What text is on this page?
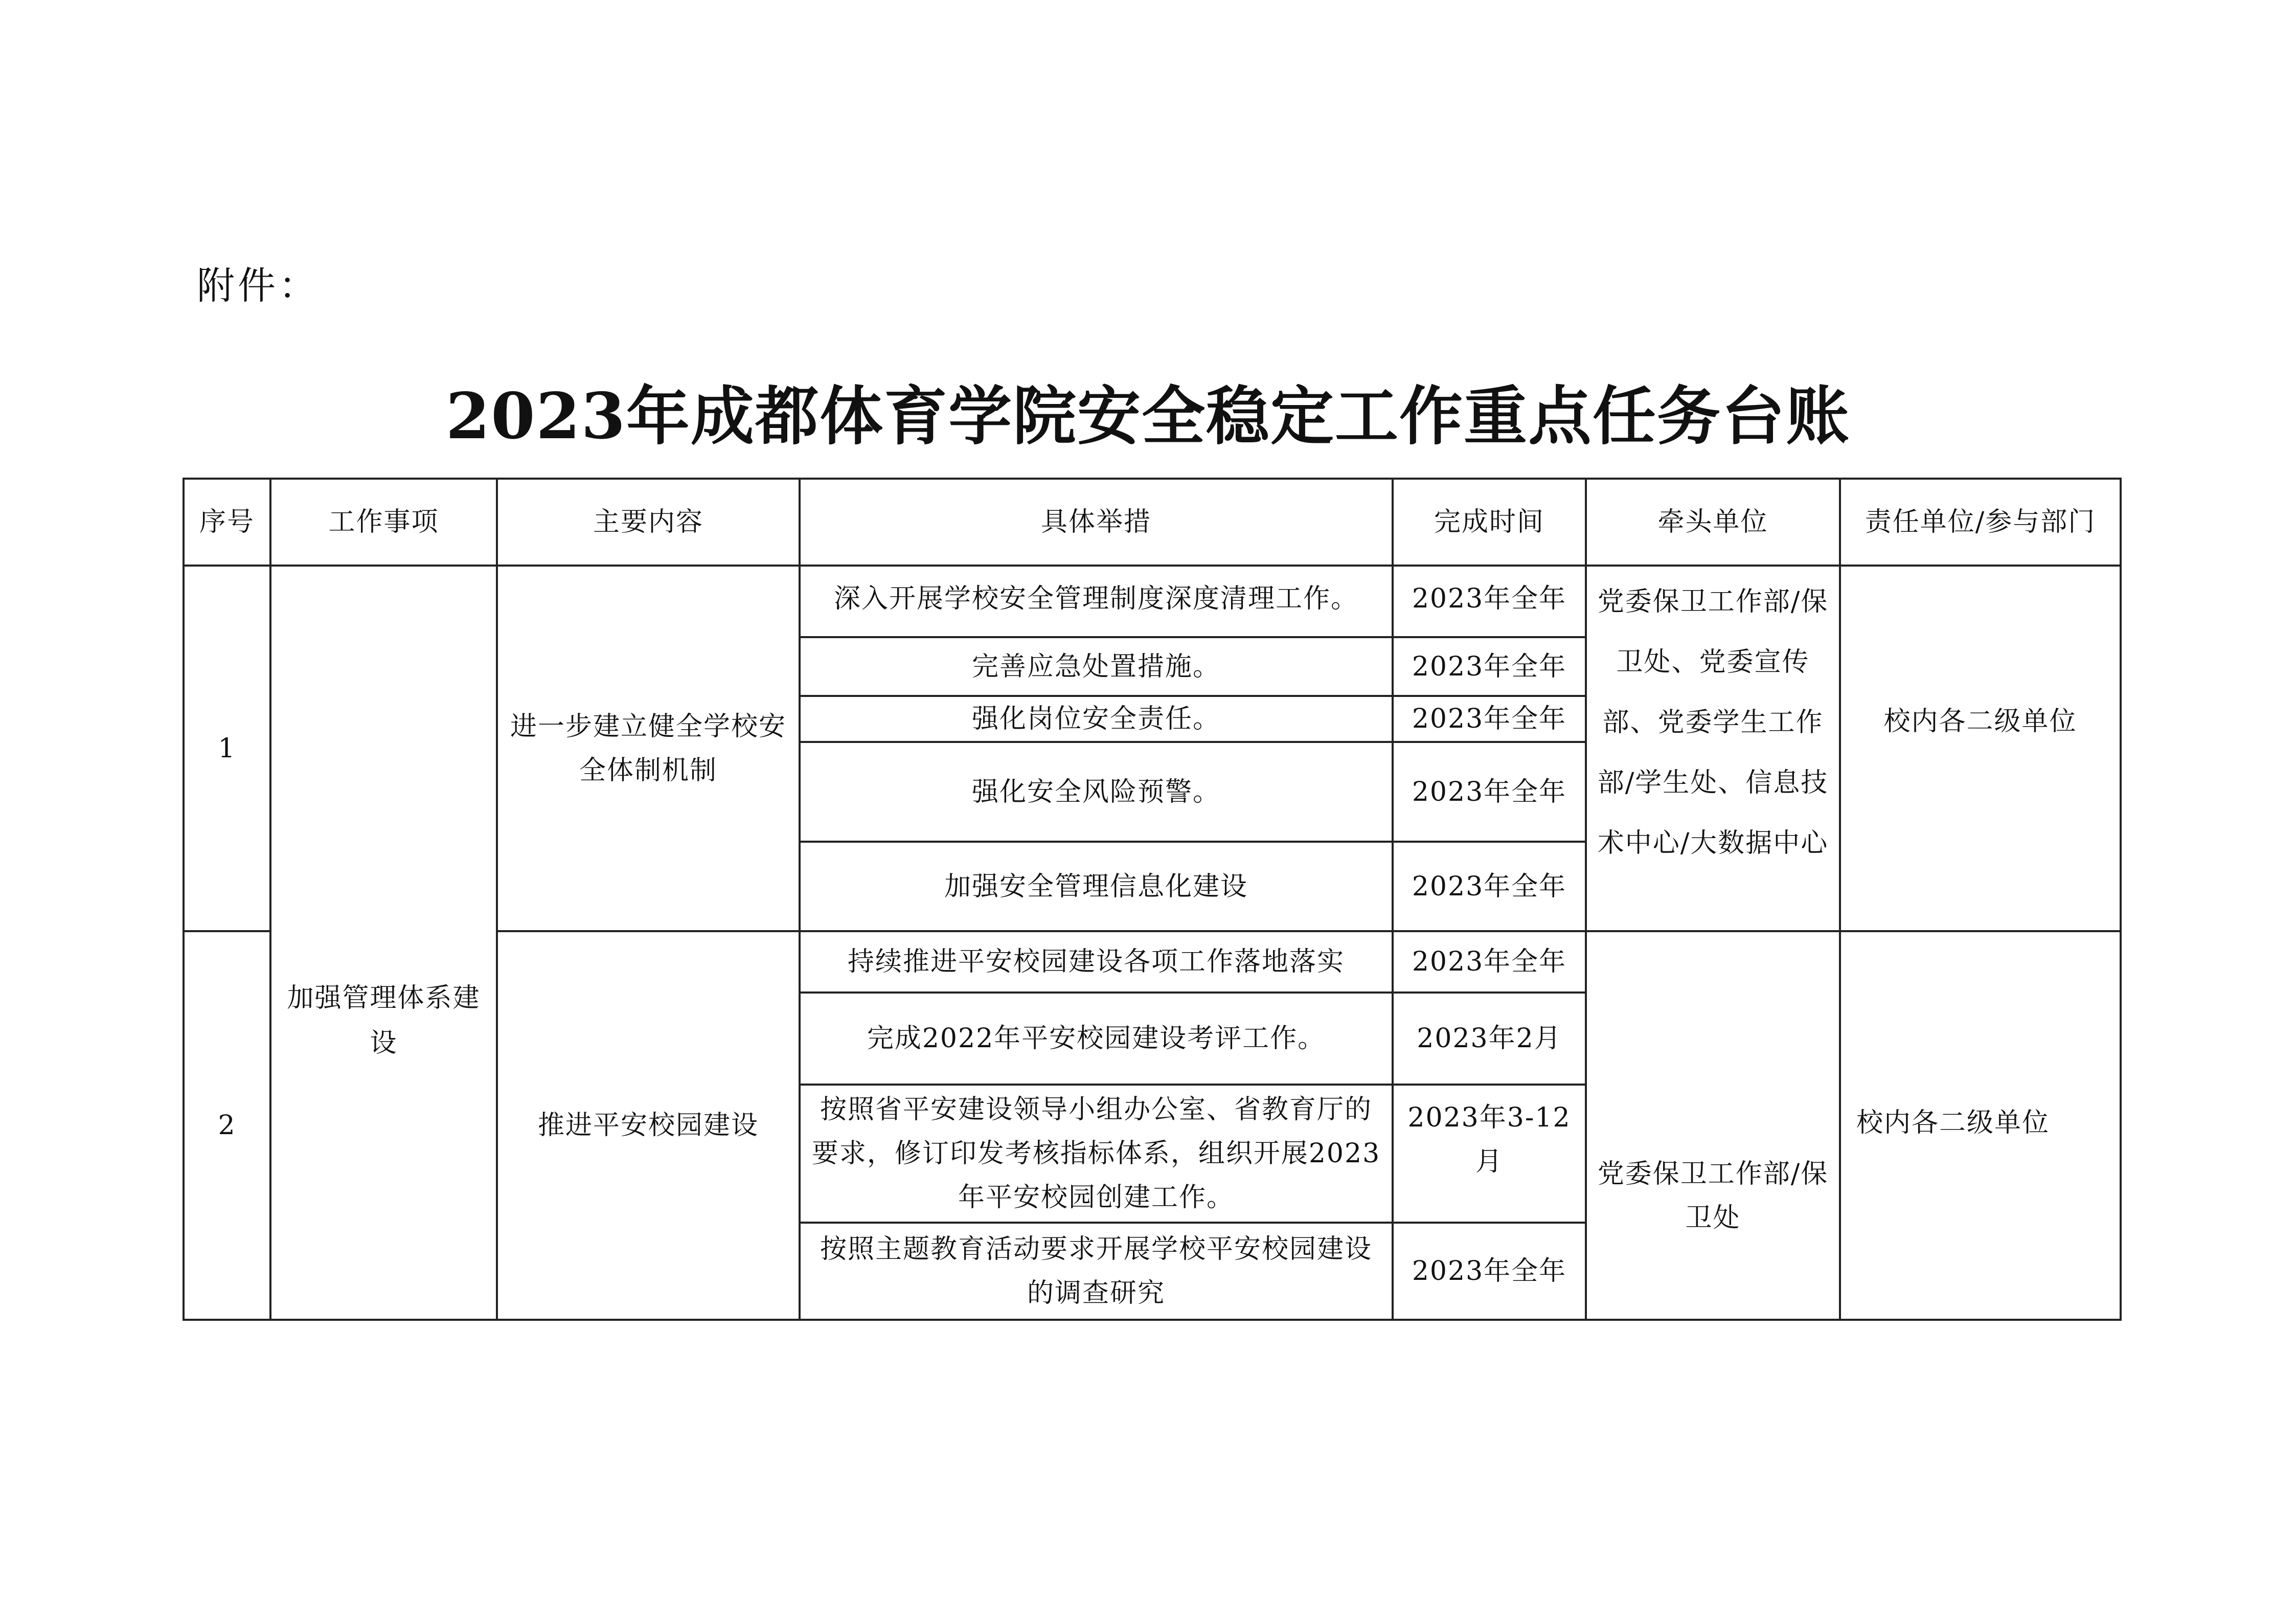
附件：
2023年成都体育学院安全稳定工作重点任务台账
序号	工作事项	主要内容	具体举措	完成时间	牵头单位	责任单位/参与部门
1	加强管理体系建设	进一步建立健全学校安全体制机制	深入开展学校安全管理制度深度清理工作。	2023年全年	党委保卫工作部/保卫处、党委宣传部、党委学生工作部/学生处、信息技术中心/大数据中心	校内各二级单位
			完善应急处置措施。	2023年全年		
			强化岗位安全责任。	2023年全年		
			强化安全风险预警。	2023年全年		
			加强安全管理信息化建设	2023年全年		
2		推进平安校园建设	持续推进平安校园建设各项工作落地落实	2023年全年	党委保卫工作部/保卫处	校内各二级单位
			完成2022年平安校园建设考评工作。	2023年2月		
			按照省平安建设领导小组办公室、省教育厅的要求，修订印发考核指标体系，组织开展2023年平安校园创建工作。	2023年3-12月		
			按照主题教育活动要求开展学校平安校园建设的调查研究	2023年全年		
